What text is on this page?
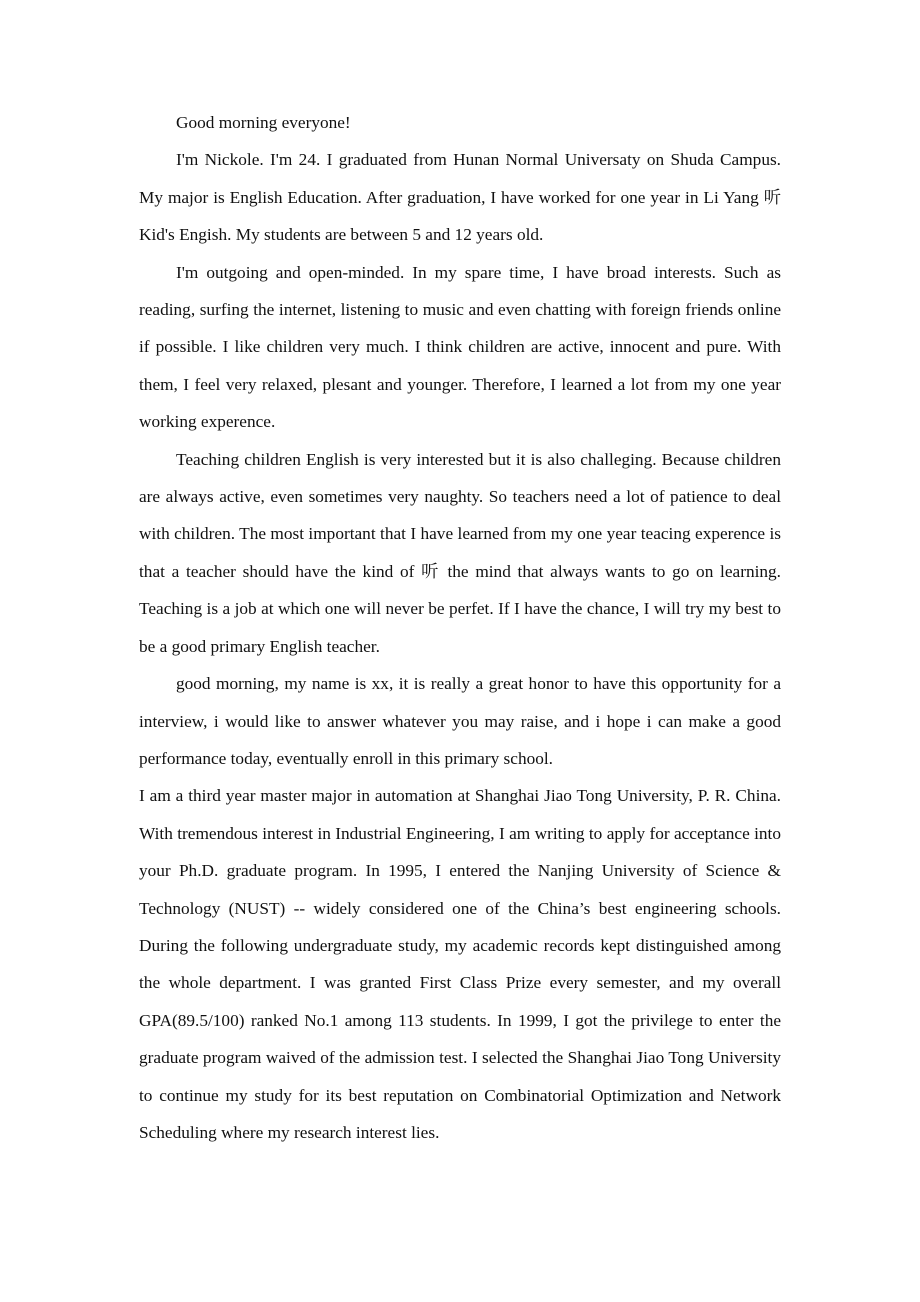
Good morning everyone!

I'm Nickole. I'm 24. I graduated from Hunan Normal Universaty on Shuda Campus. My major is English Education. After graduation, I have worked for one year in Li Yang 听 Kid's Engish. My students are between 5 and 12 years old.

I'm outgoing and open-minded. In my spare time, I have broad interests. Such as reading, surfing the internet, listening to music and even chatting with foreign friends online if possible. I like children very much. I think children are active, innocent and pure. With them, I feel very relaxed, plesant and younger. Therefore, I learned a lot from my one year working experence.

Teaching children English is very interested but it is also challeging. Because children are always active, even sometimes very naughty. So teachers need a lot of patience to deal with children. The most important that I have learned from my one year teacing experence is that a teacher should have the kind of 听 the mind that always wants to go on learning. Teaching is a job at which one will never be perfet. If I have the chance, I will try my best to be a good primary English teacher.

good morning, my name is xx, it is really a great honor to have this opportunity for a interview, i would like to answer whatever you may raise, and i hope i can make a good performance today, eventually enroll in this primary school.

I am a third year master major in automation at Shanghai Jiao Tong University, P. R. China. With tremendous interest in Industrial Engineering, I am writing to apply for acceptance into your Ph.D. graduate program. In 1995, I entered the Nanjing University of Science & Technology (NUST) -- widely considered one of the China’s best engineering schools. During the following undergraduate study, my academic records kept distinguished among the whole department. I was granted First Class Prize every semester, and my overall GPA(89.5/100) ranked No.1 among 113 students. In 1999, I got the privilege to enter the graduate program waived of the admission test. I selected the Shanghai Jiao Tong University to continue my study for its best reputation on Combinatorial Optimization and Network Scheduling where my research interest lies.
